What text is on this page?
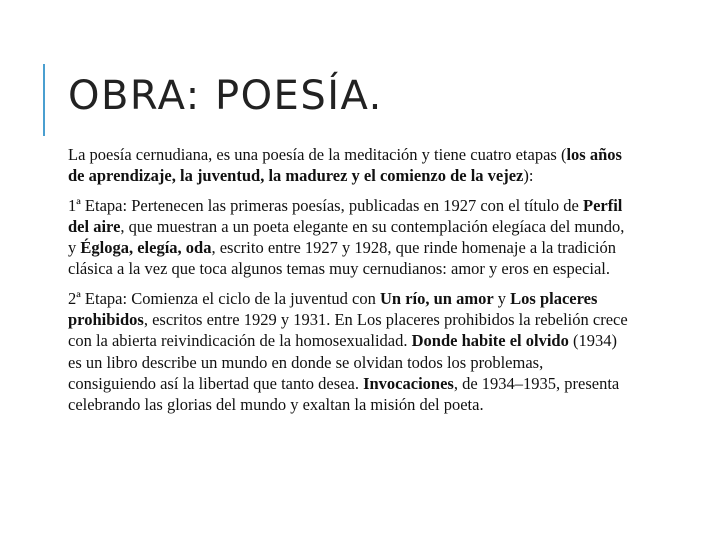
OBRA: POESÍA.

La poesía cernudiana, es una poesía de la meditación y tiene cuatro etapas (los años de aprendizaje, la juventud, la madurez y el comienzo de la vejez):

1ª Etapa: Pertenecen las primeras poesías, publicadas en 1927 con el título de Perfil del aire, que muestran a un poeta elegante en su contemplación elegíaca del mundo, y Égloga, elegía, oda, escrito entre 1927 y 1928, que rinde homenaje a la tradición clásica a la vez que toca algunos temas muy cernudianos: amor y eros en especial.

2ª Etapa: Comienza el ciclo de la juventud con Un río, un amor y Los placeres prohibidos, escritos entre 1929 y 1931. En Los placeres prohibidos la rebelión crece con la abierta reivindicación de la homosexualidad. Donde habite el olvido (1934) es un libro describe un mundo en donde se olvidan todos los problemas, consiguiendo así la libertad que tanto desea. Invocaciones, de 1934–1935, presenta celebrando las glorias del mundo y exaltan la misión del poeta.
